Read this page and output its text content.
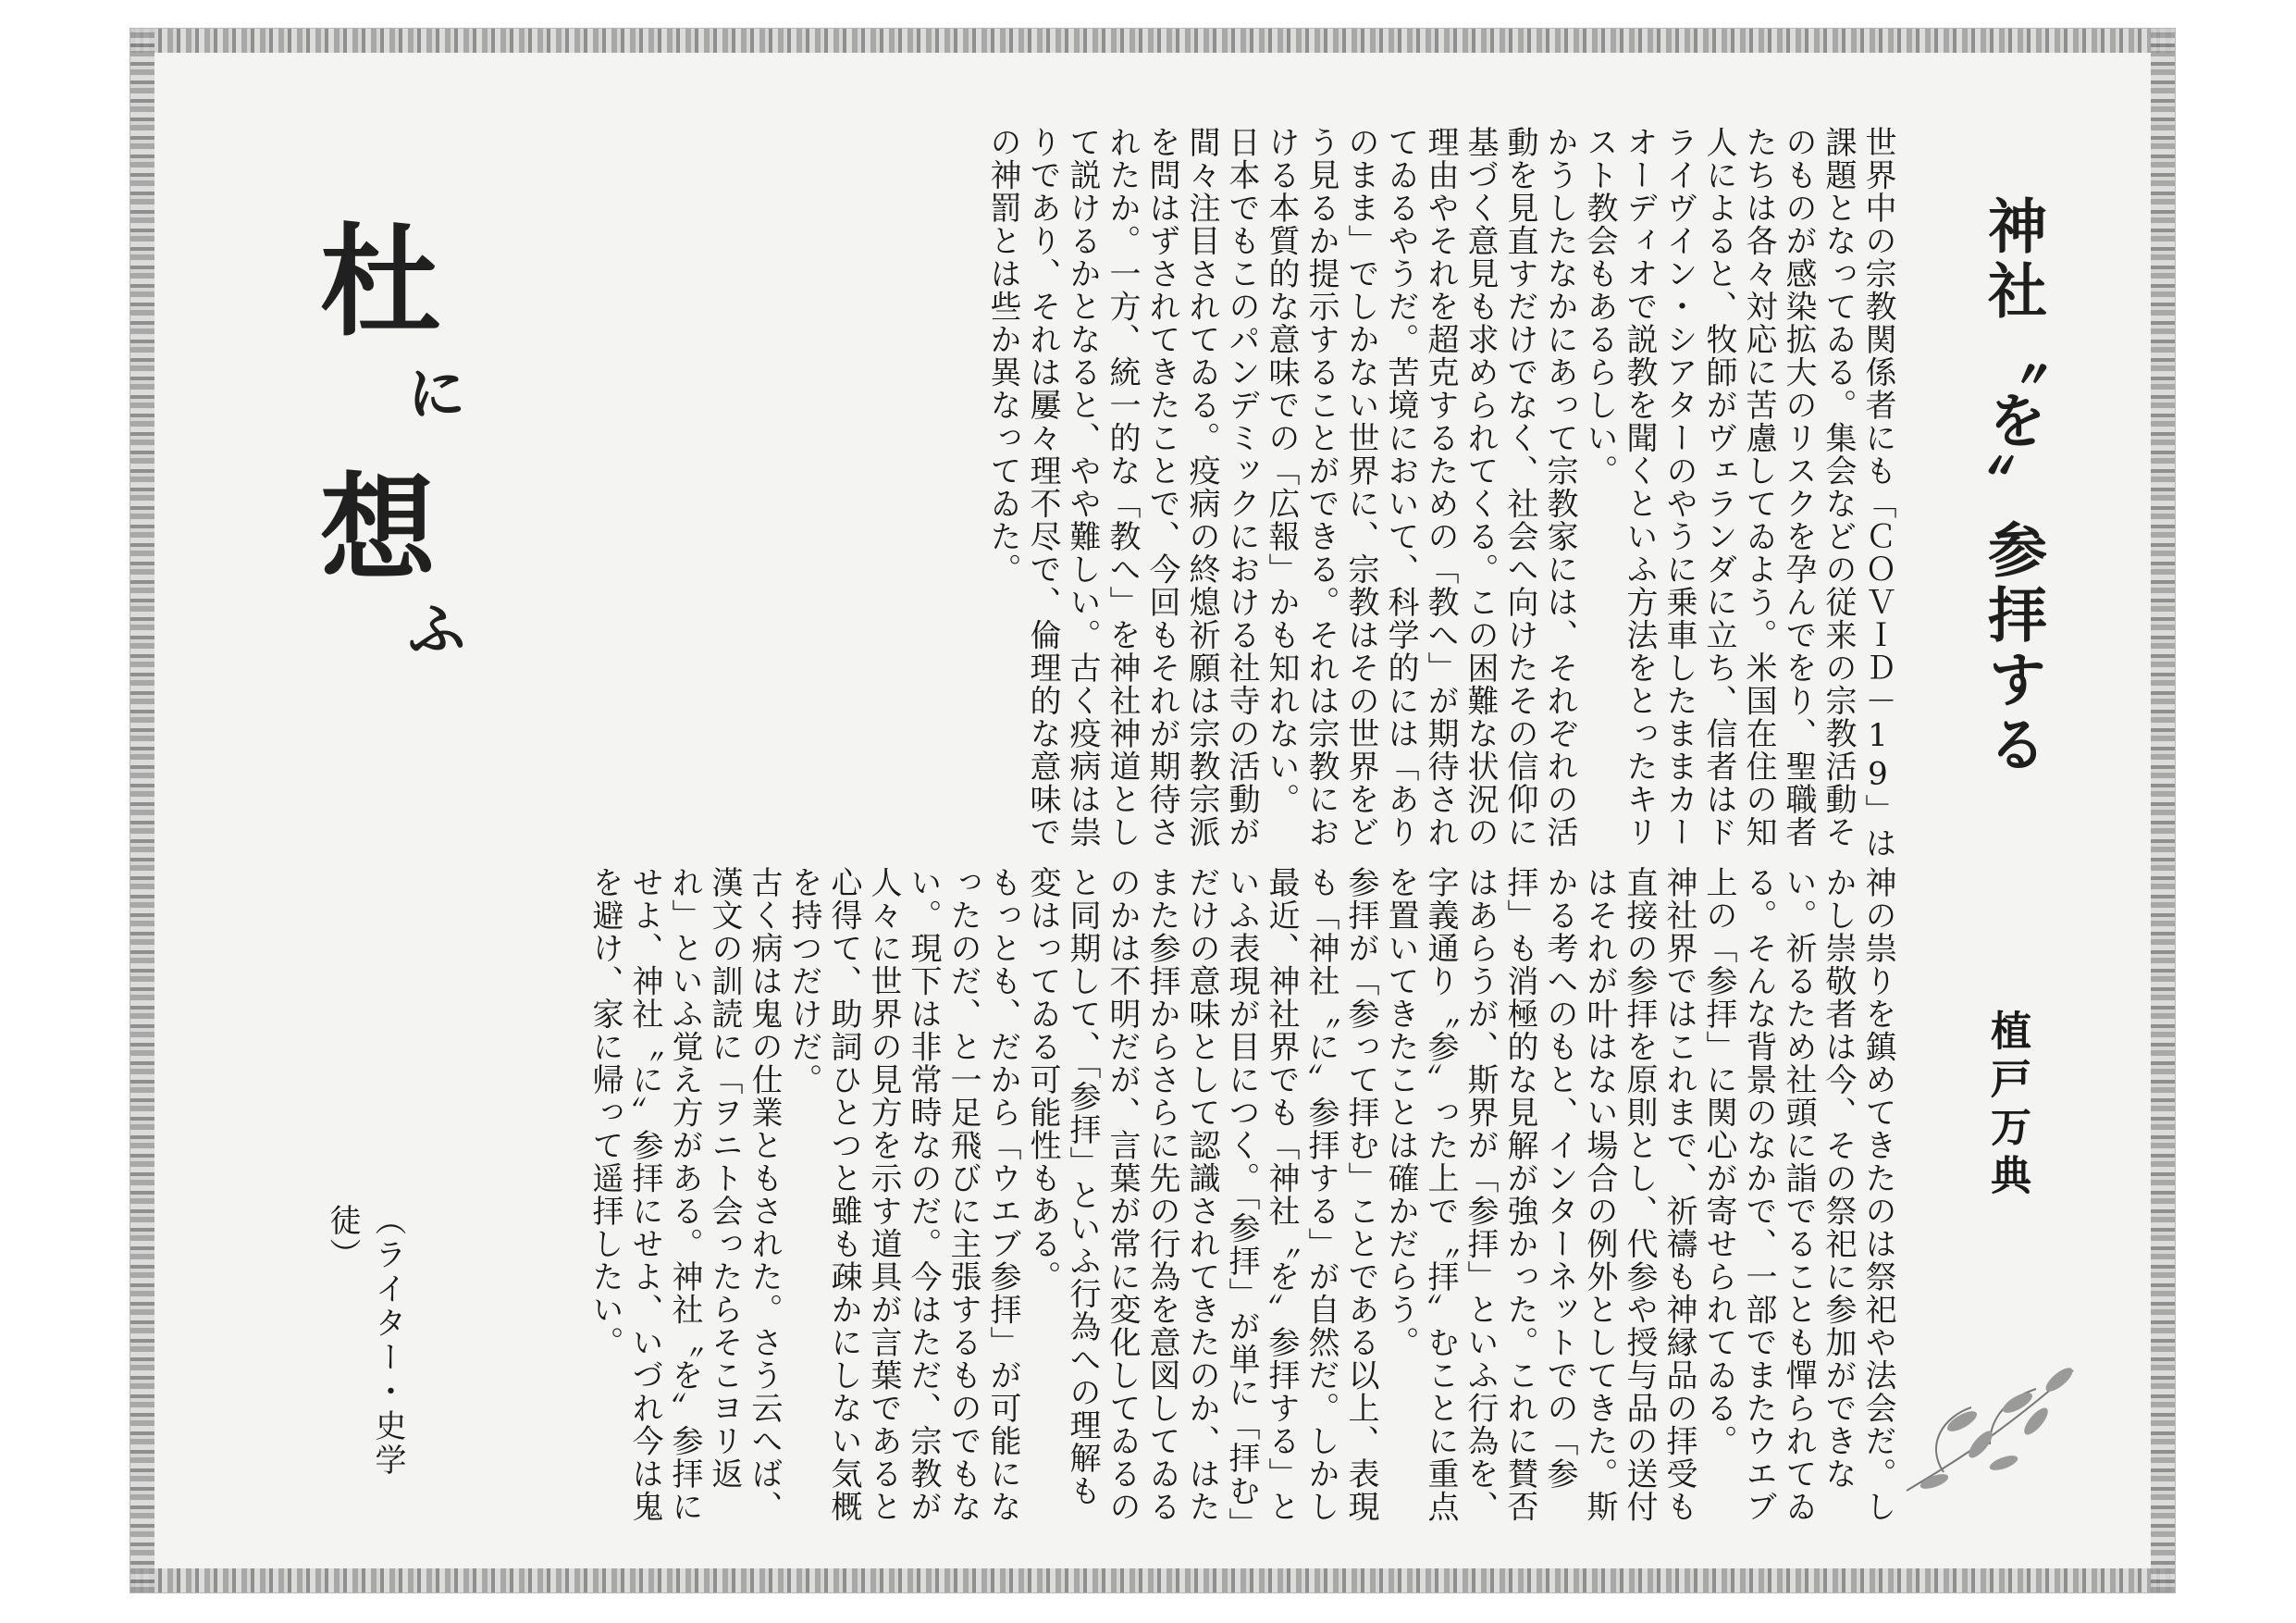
神社〝を〟参拝する
植戸万典
世界中の宗教関係者にも「ＣＯＶＩＤ－19」は課題となってゐる。集会などの従来の宗教活動そのものが感染拡大のリスクを孕んでをり、聖職者たちは各々対応に苦慮してゐよう。米国在住の知人によると、牧師がヴェランダに立ち、信者はドライヴイン・シアターのやうに乗車したままカーオーディオで説教を聞くといふ方法をとったキリスト教会もあるらしい。
かうしたなかにあって宗教家には、それぞれの活動を見直すだけでなく、社会へ向けたその信仰に基づく意見も求められてくる。この困難な状況の理由やそれを超克するための「教へ」が期待されてゐるやうだ。苦境において、科学的には「ありのまま」でしかない世界に、宗教はその世界をどう見るか提示することができる。それは宗教における本質的な意味での「広報」かも知れない。
日本でもこのパンデミックにおける社寺の活動が間々注目されてゐる。疫病の終熄祈願は宗教宗派を問はずされてきたことで、今回もそれが期待されたか。一方、統一的な「教へ」を神社神道として説けるかとなると、やや難しい。古く疫病は祟りであり、それは屢々理不尽で、倫理的な意味での神罰とは些か異なってゐた。
神の祟りを鎮めてきたのは祭祀や法会だ。しかし崇敬者は今、その祭祀に参加ができない。祈るため社頭に詣でることも憚られてゐる。そんな背景のなかで、一部でまたウエブ上の「参拝」に関心が寄せられてゐる。
神社界ではこれまで、祈禱も神縁品の拝受も直接の参拝を原則とし、代参や授与品の送付はそれが叶はない場合の例外としてきた。斯かる考へのもと、インターネットでの「参拝」も消極的な見解が強かった。これに賛否はあらうが、斯界が「参拝」といふ行為を、字義通り〝参〟った上で〝拝〟むことに重点を置いてきたことは確かだらう。
参拝が「参って拝む」ことである以上、表現も「神社〝に〟参拝する」が自然だ。しかし最近、神社界でも「神社〝を〟参拝する」といふ表現が目につく。「参拝」が単に「拝む」だけの意味として認識されてきたのか、はたまた参拝からさらに先の行為を意図してゐるのかは不明だが、言葉が常に変化してゐるのと同期して、「参拝」といふ行為への理解も変はってゐる可能性もある。
もっとも、だから「ウエブ参拝」が可能になったのだ、と一足飛びに主張するものでもない。現下は非常時なのだ。今はただ、宗教が人々に世界の見方を示す道具が言葉であると心得て、助詞ひとつと雖も疎かにしない気概を持つだけだ。
古く病は鬼の仕業ともされた。さう云へば、漢文の訓読に「ヲニト会ったらそこヨリ返れ」といふ覚え方がある。神社〝を〟参拝にせよ、神社〝に〟参拝にせよ、いづれ今は鬼を避け、家に帰って遥拝したい。
（ライター・史学徒）
杜
に
想
ふ
